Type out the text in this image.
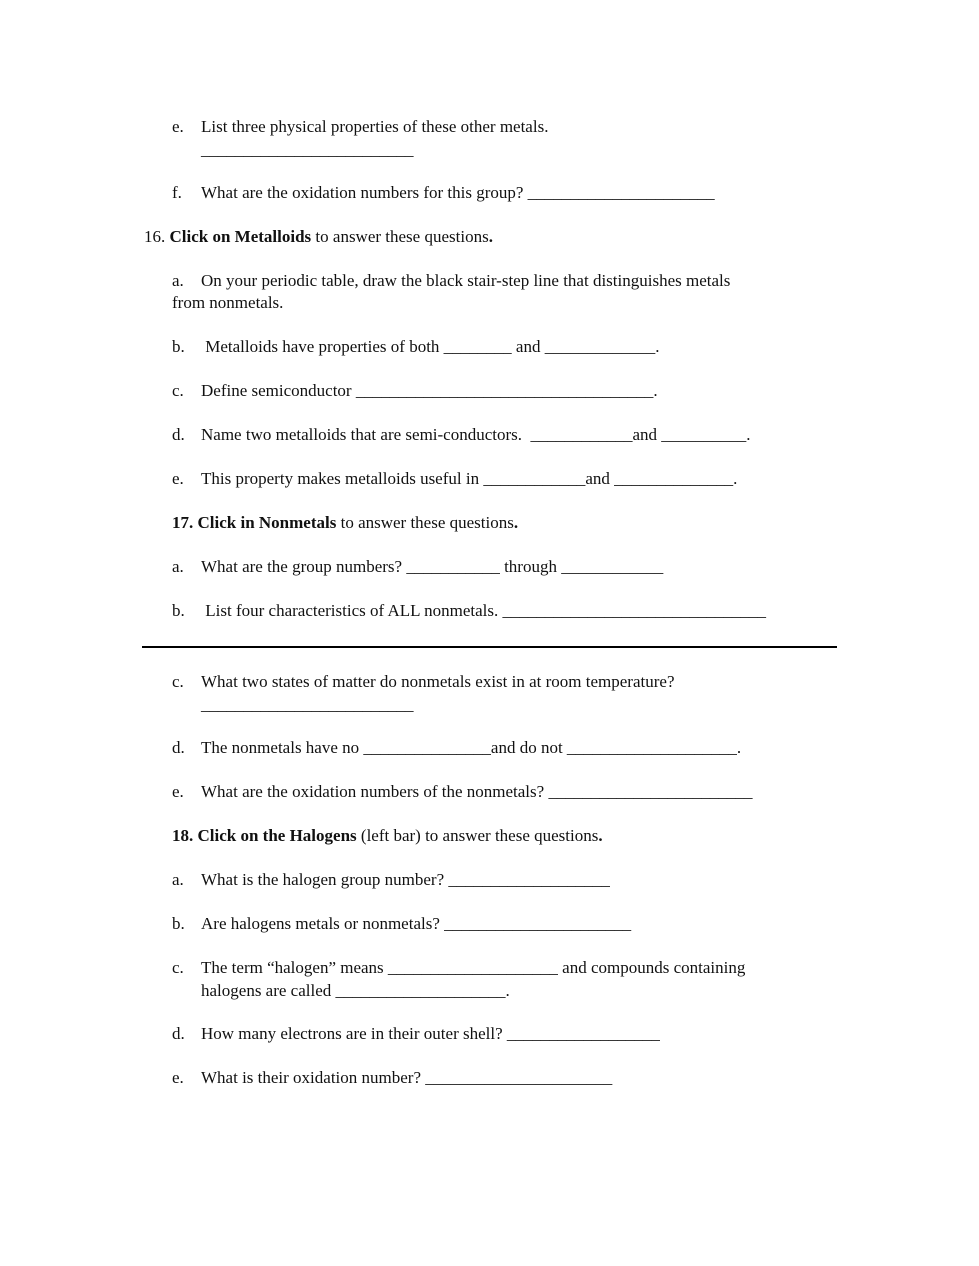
e. List three physical properties of these other metals.
_________________________
f. What are the oxidation numbers for this group? ______________________
16. Click on Metalloids to answer these questions.
a. On your periodic table, draw the black stair-step line that distinguishes metals
from nonmetals.
b. Metalloids have properties of both ________ and _____________.
c. Define semiconductor ___________________________________.
d. Name two metalloids that are semi-conductors.  ____________and __________.
e. This property makes metalloids useful in ____________and ______________.
17. Click in Nonmetals to answer these questions.
a. What are the group numbers? ___________ through ____________
b. List four characteristics of ALL nonmetals. _______________________________
c. What two states of matter do nonmetals exist in at room temperature?
_________________________
d. The nonmetals have no _______________and do not ____________________.
e. What are the oxidation numbers of the nonmetals? ________________________
18. Click on the Halogens (left bar) to answer these questions.
a. What is the halogen group number? ___________________
b. Are halogens metals or nonmetals? ______________________
c. The term “halogen” means ____________________ and compounds containing
halogens are called ____________________.
d. How many electrons are in their outer shell? __________________
e. What is their oxidation number? ______________________
